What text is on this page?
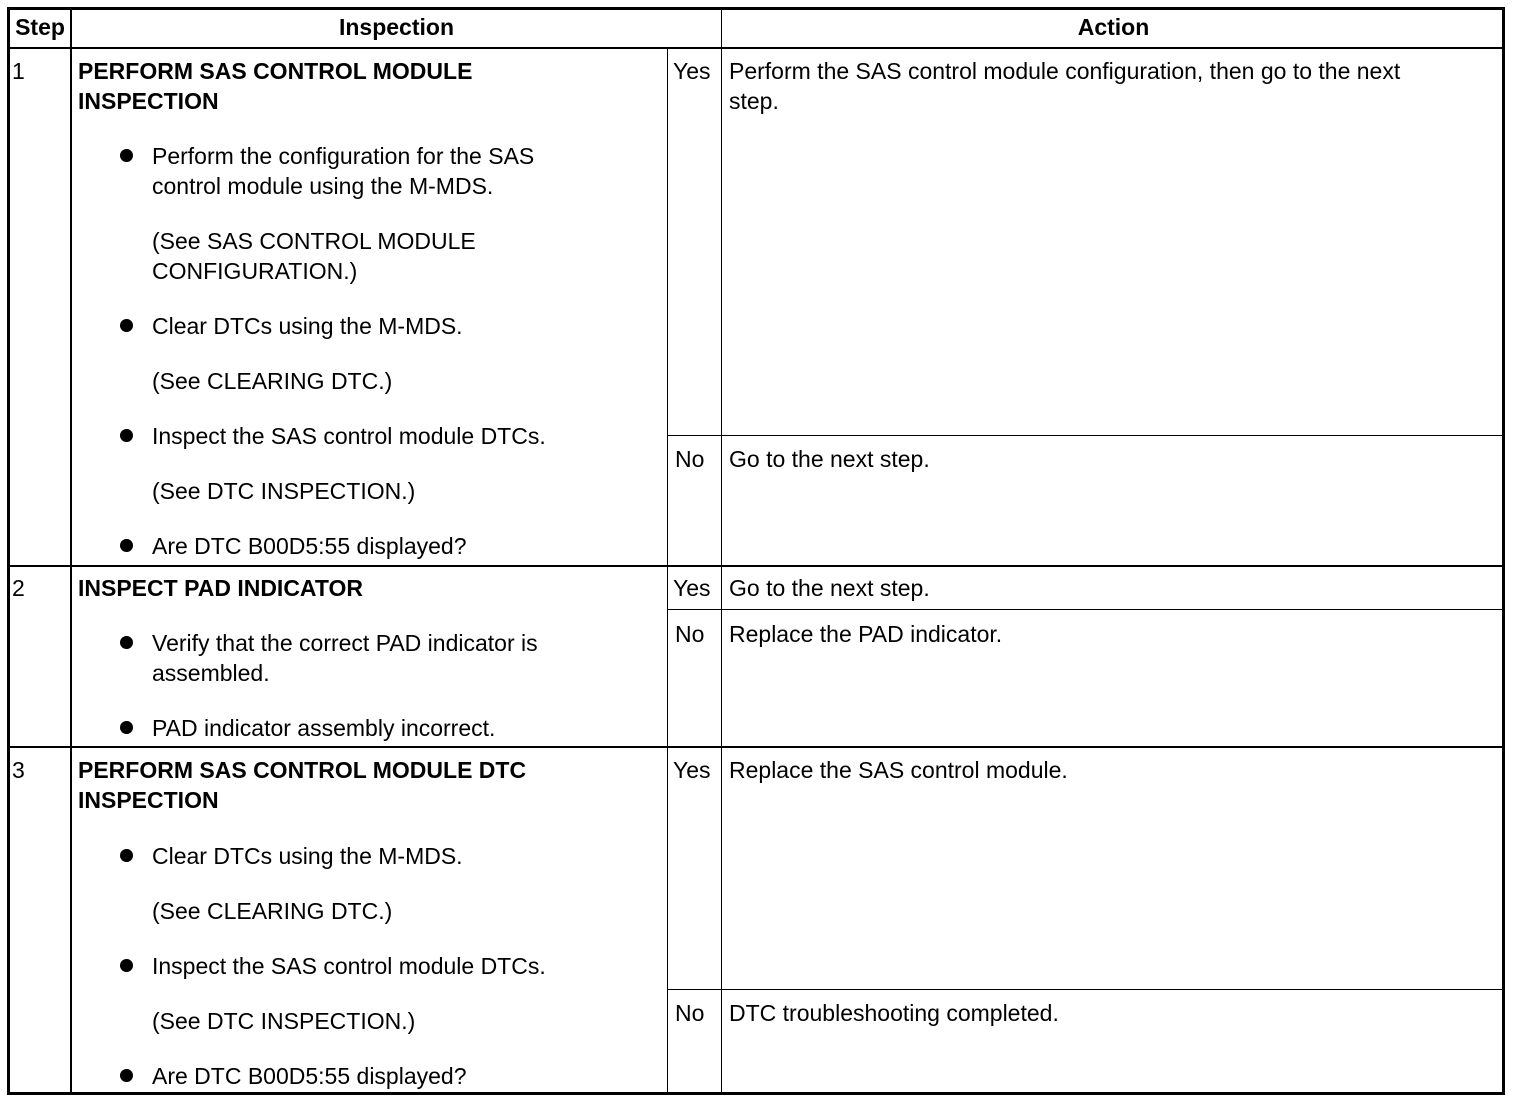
Step	Inspection	Action
1 PERFORM SAS CONTROL MODULE
INSPECTION
Perform the configuration for the SAS
control module using the M-MDS.
(See SAS CONTROL MODULE
CONFIGURATION.)
Clear DTCs using the M-MDS.
(See CLEARING DTC.)
Inspect the SAS control module DTCs.
(See DTC INSPECTION.)
Are DTC B00D5:55 displayed?
Yes Perform the SAS control module configuration, then go to the next
step.
No Go to the next step.
2 INSPECT PAD INDICATOR
Verify that the correct PAD indicator is
assembled.
PAD indicator assembly incorrect.
Yes Go to the next step.
No Replace the PAD indicator.
3 PERFORM SAS CONTROL MODULE DTC
INSPECTION
Clear DTCs using the M-MDS.
(See CLEARING DTC.)
Inspect the SAS control module DTCs.
(See DTC INSPECTION.)
Are DTC B00D5:55 displayed?
Yes Replace the SAS control module.
No DTC troubleshooting completed.
